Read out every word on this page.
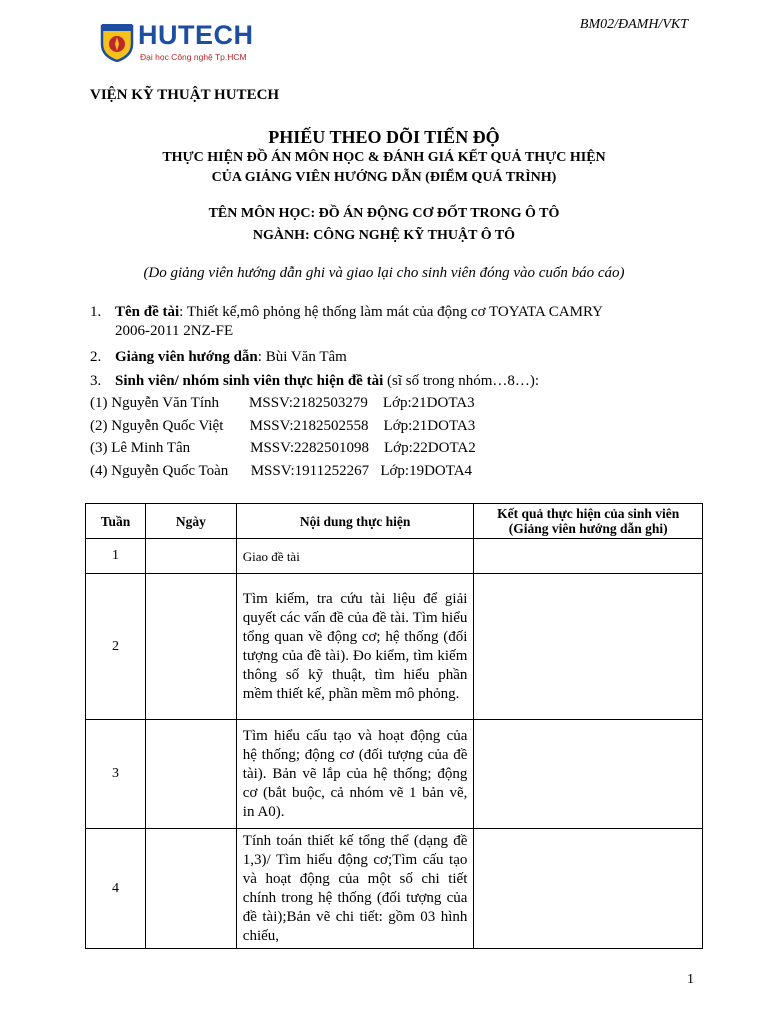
BM02/ĐAMH/VKT
HUTECH
Đại học Công nghệ Tp.HCM
VIỆN KỸ THUẬT HUTECH
PHIẾU THEO DÕI TIẾN ĐỘ
THỰC HIỆN ĐỒ ÁN MÔN HỌC & ĐÁNH GIÁ KẾT QUẢ THỰC HIỆN
CỦA GIẢNG VIÊN HƯỚNG DẪN (ĐIỂM QUÁ TRÌNH)
TÊN MÔN HỌC: ĐỒ ÁN ĐỘNG CƠ ĐỐT TRONG Ô TÔ
NGÀNH: CÔNG NGHỆ KỸ THUẬT Ô TÔ
(Do giảng viên hướng dẫn ghi và giao lại cho sinh viên đóng vào cuốn báo cáo)
1. Tên đề tài: Thiết kế,mô phỏng hệ thống làm mát của động cơ TOYATA CAMRY
2006-2011 2NZ-FE
2. Giảng viên hướng dẫn: Bùi Văn Tâm
3. Sinh viên/ nhóm sinh viên thực hiện đề tài (sĩ số trong nhóm…8…):
(1) Nguyễn Văn Tính        MSSV:2182503279    Lớp:21DOTA3
(2) Nguyễn Quốc Việt       MSSV:2182502558    Lớp:21DOTA3
(3) Lê Minh Tân                MSSV:2282501098    Lớp:22DOTA2
(4) Nguyễn Quốc Toàn      MSSV:1911252267   Lớp:19DOTA4
Tuần	Ngày	Nội dung thực hiện	Kết quả thực hiện của sinh viên
(Giảng viên hướng dẫn ghi)

1		Giao đề tài	
2		Tìm kiếm, tra cứu tài liệu để giải quyết các vấn đề của đề tài. Tìm hiểu tổng quan về động cơ; hệ thống (đối tượng của đề tài). Đo kiểm, tìm kiếm thông số kỹ thuật, tìm hiểu phần mềm thiết kế, phần mềm mô phỏng.	
3		Tìm hiểu cấu tạo và hoạt động của hệ thống; động cơ (đối tượng của đề tài). Bản vẽ lắp của hệ thống; động cơ (bắt buộc, cả nhóm vẽ 1 bản vẽ, in A0).	
4		Tính toán thiết kế tổng thể (dạng đề 1,3)/ Tìm hiểu động cơ;Tìm cấu tạo và hoạt động của một số chi tiết chính trong hệ thống (đối tượng của đề tài);Bản vẽ chi tiết: gồm 03 hình chiếu,	
1
